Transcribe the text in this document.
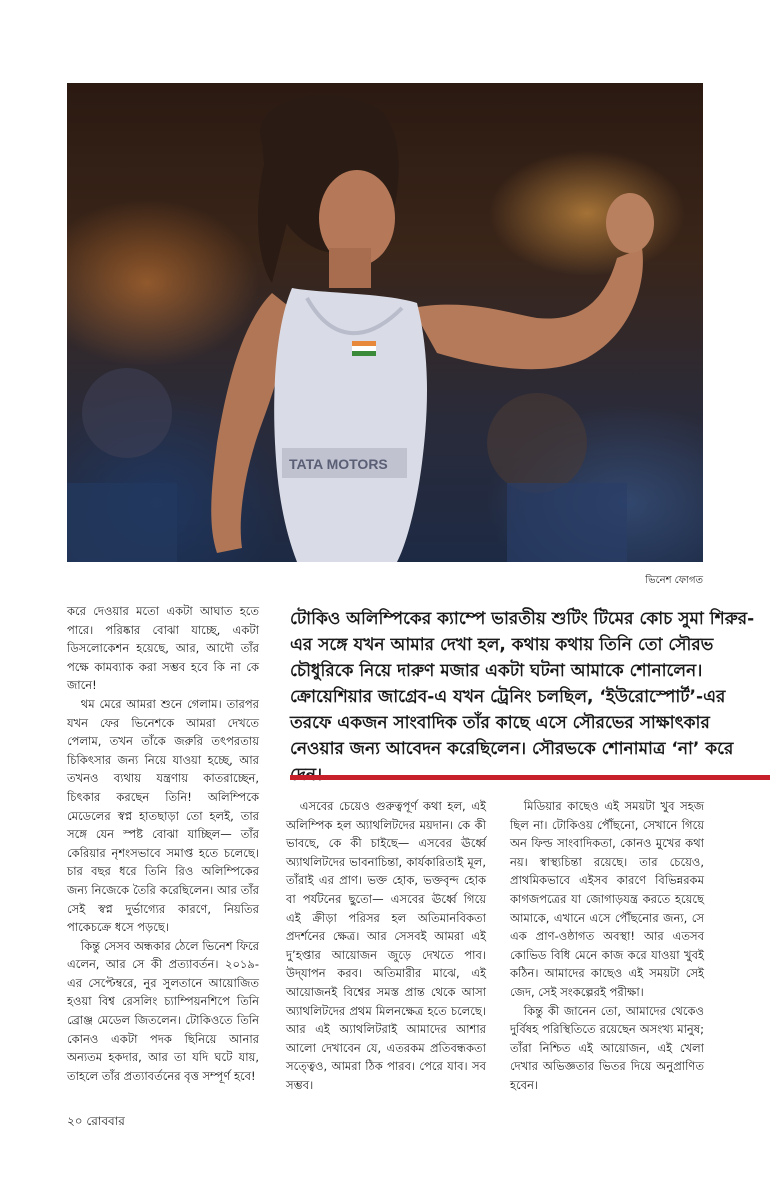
TATA MOTORS
ভিনেশ ফোগত

করে দেওয়ার মতো একটা আঘাত হতে পারে। পরিষ্কার বোঝা যাচ্ছে, একটা ডিসলোকেশন হয়েছে, আর, আদৌ তাঁর পক্ষে কামব্যাক করা সম্ভব হবে কি না কে জানে!

থম মেরে আমরা শুনে গেলাম। তারপর যখন ফের ভিনেশকে আমরা দেখতে পেলাম, তখন তাঁকে জরুরি তৎপরতায় চিকিৎসার জন্য নিয়ে যাওয়া হচ্ছে, আর তখনও ব্যথায় যন্ত্রণায় কাতরাচ্ছেন, চিৎকার করছেন তিনি! অলিম্পিকে মেডেলের স্বপ্ন হাতছাড়া তো হলই, তার সঙ্গে যেন স্পষ্ট বোঝা যাচ্ছিল— তাঁর কেরিয়ার নৃশংসভাবে সমাপ্ত হতে চলেছে। চার বছর ধরে তিনি রিও অলিম্পিকের জন্য নিজেকে তৈরি করেছিলেন। আর তাঁর সেই স্বপ্ন দুর্ভাগ্যের কারণে, নিয়তির পাকেচক্রে ধসে পড়ছে।

কিন্তু সেসব অন্ধকার ঠেলে ভিনেশ ফিরে এলেন, আর সে কী প্রত্যাবর্তন। ২০১৯-এর সেপ্টেম্বরে, নুর সুলতানে আয়োজিত হওয়া বিশ্ব রেসলিং চ্যাম্পিয়নশিপে তিনি ব্রোঞ্জ মেডেল জিতলেন। টোকিওতে তিনি কোনও একটা পদক ছিনিয়ে আনার অন্যতম হকদার, আর তা যদি ঘটে যায়, তাহলে তাঁর প্রত্যাবর্তনের বৃত্ত সম্পূর্ণ হবে!

টোকিও অলিম্পিকের ক্যাম্পে ভারতীয় শুটিং টিমের কোচ সুমা শিরুর-এর সঙ্গে যখন আমার দেখা হল, কথায় কথায় তিনি তো সৌরভ চৌধুরিকে নিয়ে দারুণ মজার একটা ঘটনা আমাকে শোনালেন। ক্রোয়েশিয়ার জাগ্রেব-এ যখন ট্রেনিং চলছিল, ‘ইউরোস্পোর্ট’-এর তরফে একজন সাংবাদিক তাঁর কাছে এসে সৌরভের সাক্ষাৎকার নেওয়ার জন্য আবেদন করেছিলেন। সৌরভকে শোনামাত্র ‘না’ করে

এসবের চেয়েও গুরুত্বপূর্ণ কথা হল, এই অলিম্পিক হল অ্যাথলিটদের ময়দান। কে কী ভাবছে, কে কী চাইছে— এসবের ঊর্ধ্বে অ্যাথলিটদের ভাবনাচিন্তা, কার্যকারিতাই মূল, তাঁরাই এর প্রাণ। ভক্ত হোক, ভক্তবৃন্দ হোক বা পর্যটনের ছুতো— এসবের ঊর্ধ্বে গিয়ে এই ক্রীড়া পরিসর হল অতিমানবিকতা প্রদর্শনের ক্ষেত্র। আর সেসবই আমরা এই দু’হপ্তার আয়োজন জুড়ে দেখতে পাব। উদ্‌যাপন করব। অতিমারীর মাঝে, এই আয়োজনই বিশ্বের সমস্ত প্রান্ত থেকে আসা অ্যাথলিটদের প্রথম মিলনক্ষেত্র হতে চলেছে। আর এই অ্যাথলিটরাই আমাদের আশার আলো দেখাবেন যে, এতরকম প্রতিবন্ধকতা সত্ত্বেও, আমরা ঠিক পারব। পেরে যাব। সব সম্ভব।

মিডিয়ার কাছেও এই সময়টা খুব সহজ ছিল না। টোকিওয় পৌঁছনো, সেখানে গিয়ে অন ফিল্ড সাংবাদিকতা, কোনও মুখের কথা নয়। স্বাস্থ্যচিন্তা রয়েছে। তার চেয়েও, প্রাথমিকভাবে এইসব কারণে বিভিন্নরকম কাগজপত্রের যা জোগাড়যন্ত্র করতে হয়েছে আমাকে, এখানে এসে পৌঁছনোর জন্য, সে এক প্রাণ-ওষ্ঠাগত অবস্থা! আর এতসব কোভিড বিধি মেনে কাজ করে যাওয়া খুবই কঠিন। আমাদের কাছেও এই সময়টা সেই জেদ, সেই সংকল্পেরই পরীক্ষা।

কিন্তু কী জানেন তো, আমাদের থেকেও দুর্বিষহ পরিস্থিতিতে রয়েছেন অসংখ্য মানুষ; তাঁরা নিশ্চিত এই আয়োজন, এই খেলা দেখার অভিজ্ঞতার ভিতর দিয়ে অনুপ্রাণিত হবেন।

২০ রোববার
